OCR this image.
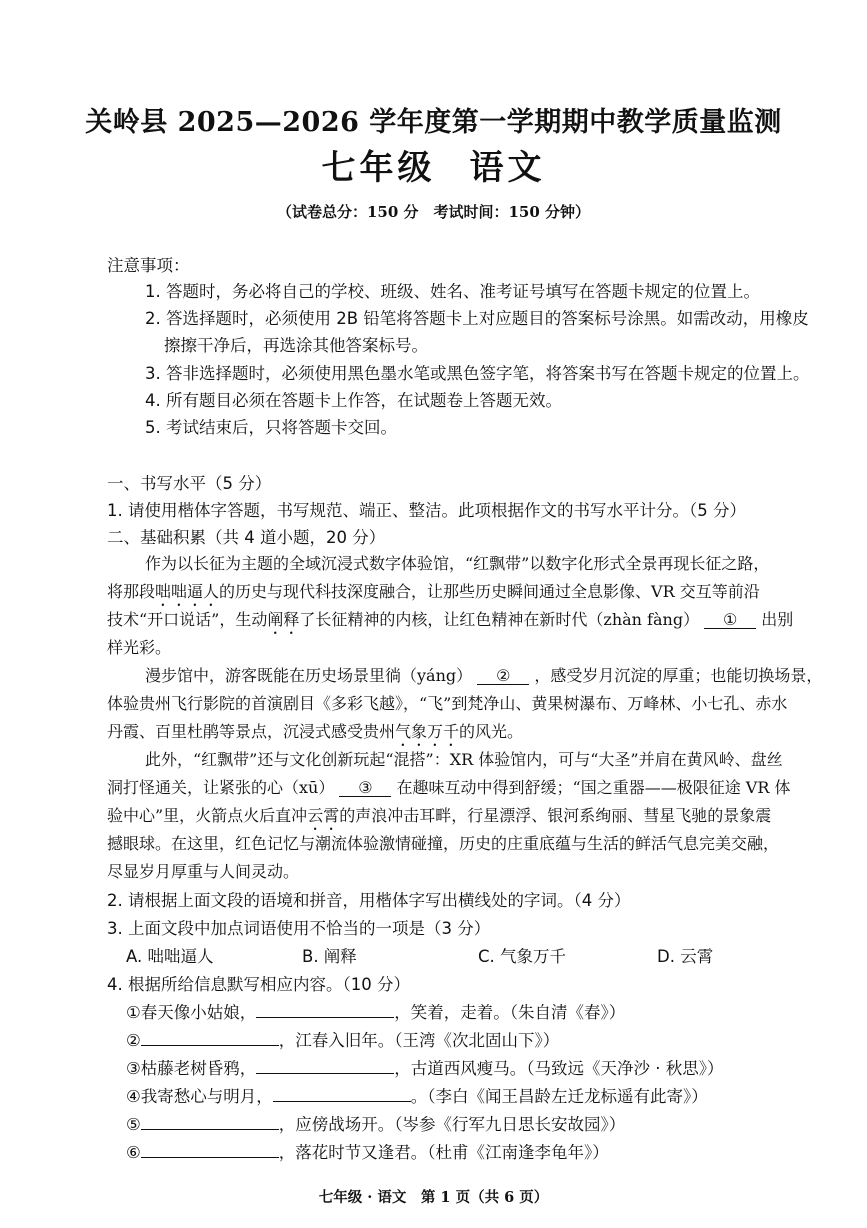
关岭县 2025—2026 学年度第一学期期中教学质量监测
七年级 语文
（试卷总分：150 分　考试时间：150 分钟）
注意事项：
1. 答题时，务必将自己的学校、班级、姓名、准考证号填写在答题卡规定的位置上。
2. 答选择题时，必须使用 2B 铅笔将答题卡上对应题目的答案标号涂黑。如需改动，用橡皮
擦擦干净后，再选涂其他答案标号。
3. 答非选择题时，必须使用黑色墨水笔或黑色签字笔，将答案书写在答题卡规定的位置上。
4. 所有题目必须在答题卡上作答，在试题卷上答题无效。
5. 考试结束后，只将答题卡交回。
一、书写水平（5 分）
1. 请使用楷体字答题，书写规范、端正、整洁。此项根据作文的书写水平计分。（5 分）
二、基础积累（共 4 道小题，20 分）
作为以长征为主题的全域沉浸式数字体验馆，“红飘带”以数字化形式全景再现长征之路，
将那段咄咄逼人的历史与现代科技深度融合，让那些历史瞬间通过全息影像、VR 交互等前沿
技术“开口说话”，生动阐释了长征精神的内核，让红色精神在新时代（zhàn fàng） ① 出别
样光彩。
漫步馆中，游客既能在历史场景里徜（yáng） ② ，感受岁月沉淀的厚重；也能切换场景，
体验贵州飞行影院的首演剧目《多彩飞越》，“飞”到梵净山、黄果树瀑布、万峰林、小七孔、赤水
丹霞、百里杜鹃等景点，沉浸式感受贵州气象万千的风光。
此外，“红飘带”还与文化创新玩起“混搭”：XR 体验馆内，可与“大圣”并肩在黄风岭、盘丝
洞打怪通关，让紧张的心（xū） ③ 在趣味互动中得到舒缓；“国之重器——极限征途 VR 体
验中心”里，火箭点火后直冲云霄的声浪冲击耳畔，行星漂浮、银河系绚丽、彗星飞驰的景象震
撼眼球。在这里，红色记忆与潮流体验激情碰撞，历史的庄重底蕴与生活的鲜活气息完美交融，
尽显岁月厚重与人间灵动。
2. 请根据上面文段的语境和拼音，用楷体字写出横线处的字词。（4 分）
3. 上面文段中加点词语使用不恰当的一项是（3 分）
A. 咄咄逼人	B. 阐释	C. 气象万千	D. 云霄
4. 根据所给信息默写相应内容。（10 分）
①春天像小姑娘，	，笑着，走着。（朱自清《春》）
②	，江春入旧年。（王湾《次北固山下》）
③枯藤老树昏鸦，	，古道西风瘦马。（马致远《天净沙 · 秋思》）
④我寄愁心与明月，	。（李白《闻王昌龄左迁龙标遥有此寄》）
⑤	，应傍战场开。（岑参《行军九日思长安故园》）
⑥	，落花时节又逢君。（杜甫《江南逢李龟年》）
七年级 · 语文　第 1 页（共 6 页）
